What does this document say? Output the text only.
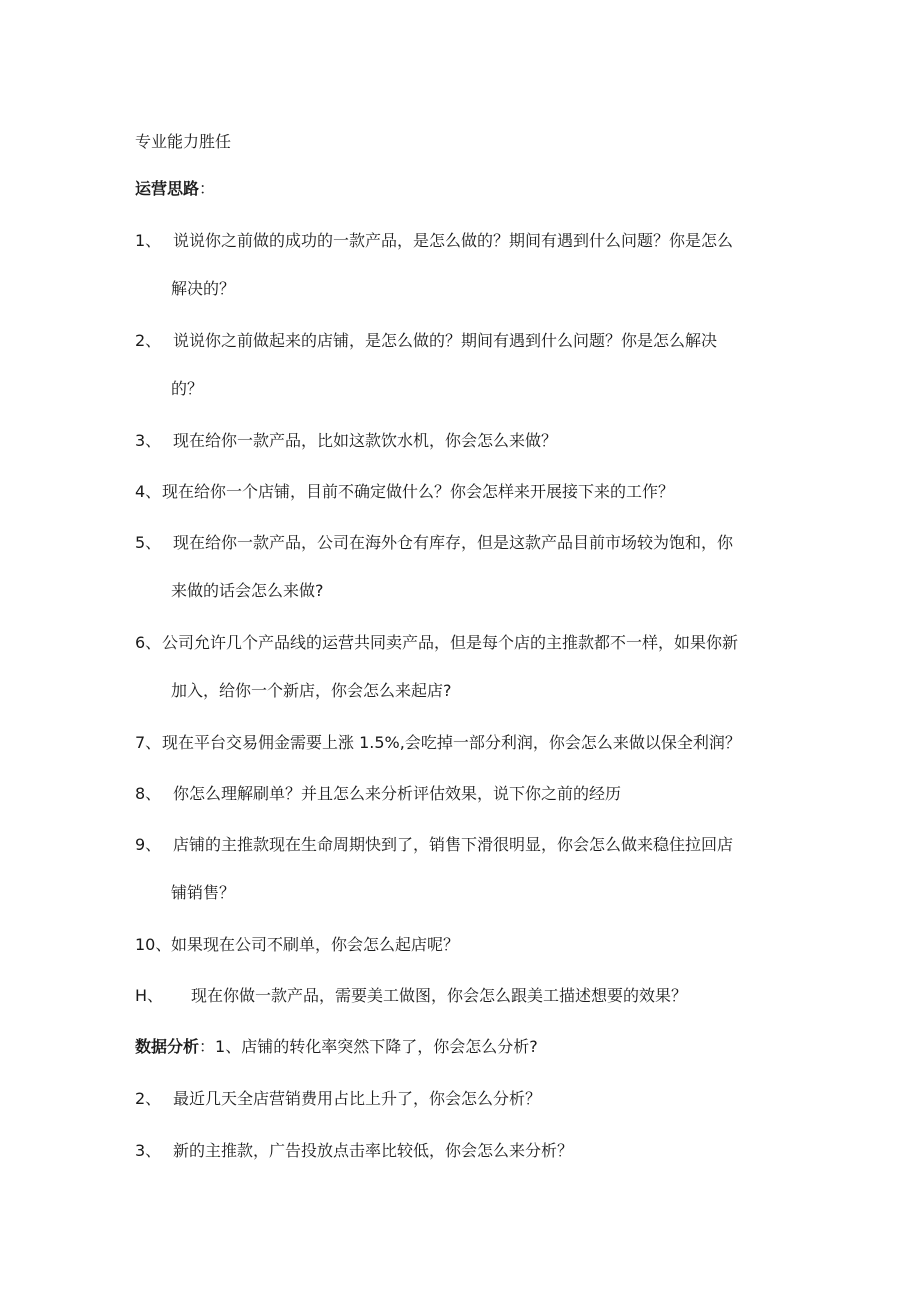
专业能力胜任
运营思路：
1、 说说你之前做的成功的一款产品，是怎么做的？期间有遇到什么问题？你是怎么
解决的？
2、 说说你之前做起来的店铺，是怎么做的？期间有遇到什么问题？你是怎么解决
的？
3、 现在给你一款产品，比如这款饮水机，你会怎么来做？
4、现在给你一个店铺，目前不确定做什么？你会怎样来开展接下来的工作？
5、 现在给你一款产品，公司在海外仓有库存，但是这款产品目前市场较为饱和，你
来做的话会怎么来做?
6、公司允许几个产品线的运营共同卖产品，但是每个店的主推款都不一样，如果你新
加入，给你一个新店，你会怎么来起店?
7、现在平台交易佣金需要上涨 1.5%,会吃掉一部分利润，你会怎么来做以保全利润？
8、 你怎么理解刷单？并且怎么来分析评估效果，说下你之前的经历
9、 店铺的主推款现在生命周期快到了，销售下滑很明显，你会怎么做来稳住拉回店
铺销售？
10、如果现在公司不刷单，你会怎么起店呢？
H、 现在你做一款产品，需要美工做图，你会怎么跟美工描述想要的效果？
数据分析：1、店铺的转化率突然下降了，你会怎么分析?
2、 最近几天全店营销费用占比上升了，你会怎么分析？
3、 新的主推款，广告投放点击率比较低，你会怎么来分析？
